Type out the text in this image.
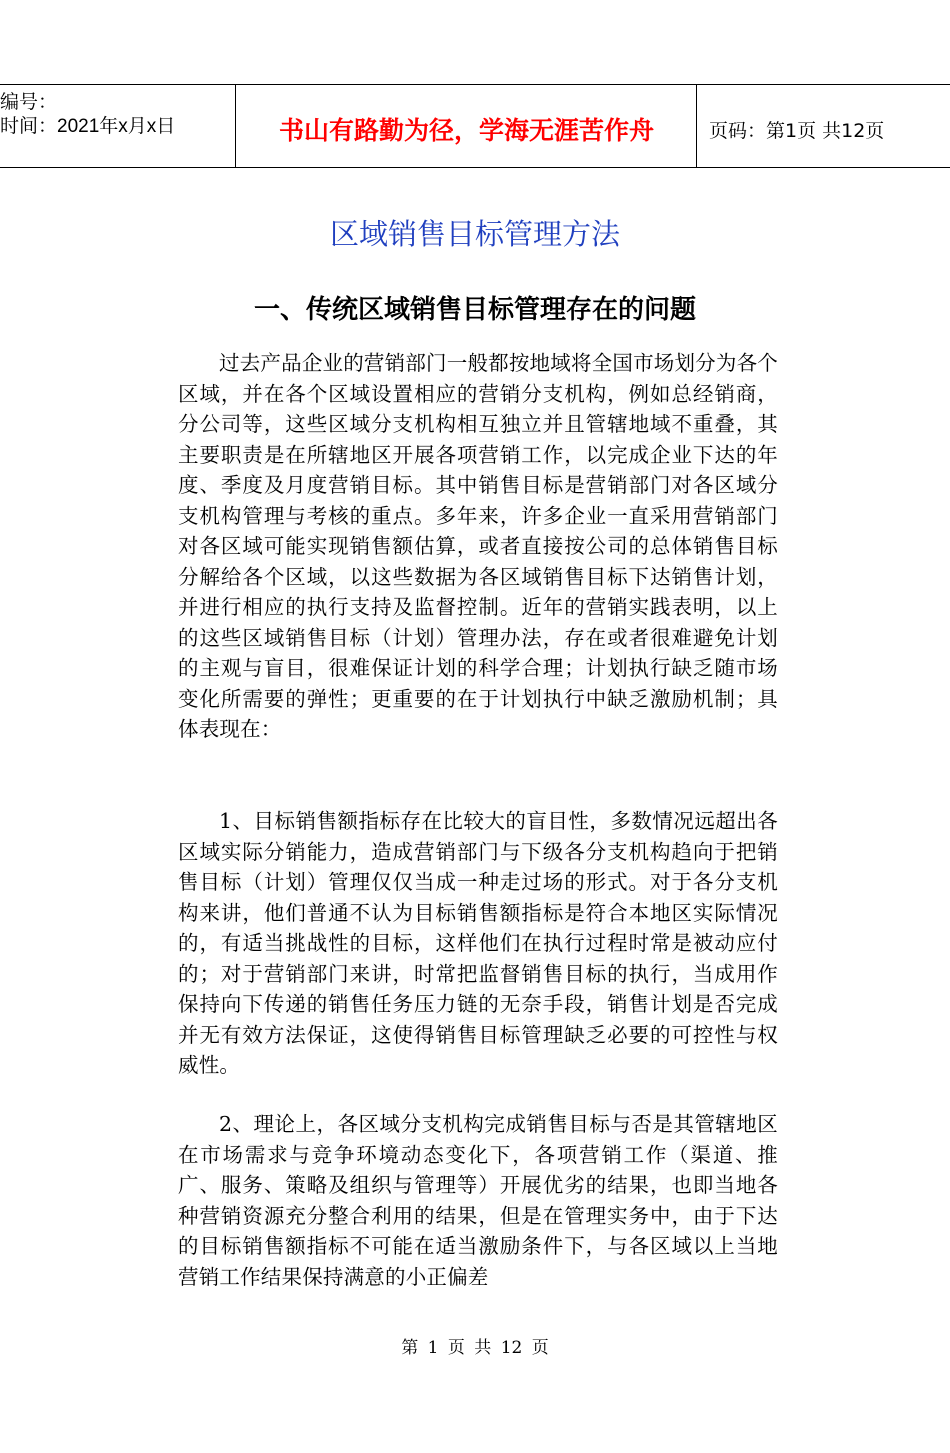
编号：
时间：2021年x月x日	书山有路勤为径，学海无涯苦作舟	页码：第1页 共12页
区域销售目标管理方法
一、传统区域销售目标管理存在的问题
过去产品企业的营销部门一般都按地域将全国市场划分为各个区域，并在各个区域设置相应的营销分支机构，例如总经销商，分公司等，这些区域分支机构相互独立并且管辖地域不重叠，其主要职责是在所辖地区开展各项营销工作，以完成企业下达的年度、季度及月度营销目标。其中销售目标是营销部门对各区域分支机构管理与考核的重点。多年来，许多企业一直采用营销部门对各区域可能实现销售额估算，或者直接按公司的总体销售目标分解给各个区域，以这些数据为各区域销售目标下达销售计划，并进行相应的执行支持及监督控制。近年的营销实践表明，以上的这些区域销售目标（计划）管理办法，存在或者很难避免计划的主观与盲目，很难保证计划的科学合理；计划执行缺乏随市场变化所需要的弹性；更重要的在于计划执行中缺乏激励机制；具体表现在：
1、目标销售额指标存在比较大的盲目性，多数情况远超出各区域实际分销能力，造成营销部门与下级各分支机构趋向于把销售目标（计划）管理仅仅当成一种走过场的形式。对于各分支机构来讲，他们普通不认为目标销售额指标是符合本地区实际情况的，有适当挑战性的目标，这样他们在执行过程时常是被动应付的；对于营销部门来讲，时常把监督销售目标的执行，当成用作保持向下传递的销售任务压力链的无奈手段，销售计划是否完成并无有效方法保证，这使得销售目标管理缺乏必要的可控性与权威性。
2、理论上，各区域分支机构完成销售目标与否是其管辖地区在市场需求与竞争环境动态变化下，各项营销工作（渠道、推广、服务、策略及组织与管理等）开展优劣的结果，也即当地各种营销资源充分整合利用的结果，但是在管理实务中，由于下达的目标销售额指标不可能在适当激励条件下，与各区域以上当地营销工作结果保持满意的小正偏差
第 1 页 共 12 页
